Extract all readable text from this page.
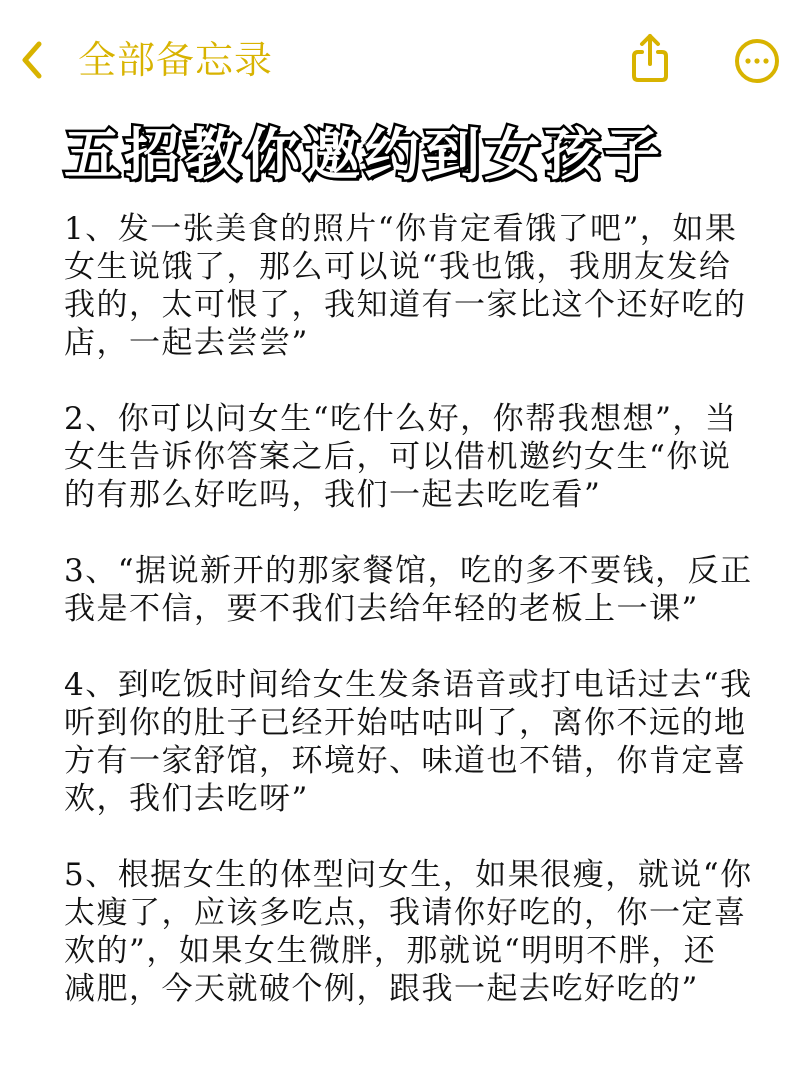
全部备忘录
五招教你邀约到女孩子
1、发一张美食的照片“你肯定看饿了吧”，如果
女生说饿了，那么可以说“我也饿，我朋友发给
我的，太可恨了，我知道有一家比这个还好吃的
店，一起去尝尝”
2、你可以问女生“吃什么好，你帮我想想”，当
女生告诉你答案之后，可以借机邀约女生“你说
的有那么好吃吗，我们一起去吃吃看”
3、“据说新开的那家餐馆，吃的多不要钱，反正
我是不信，要不我们去给年轻的老板上一课”
4、到吃饭时间给女生发条语音或打电话过去“我
听到你的肚子已经开始咕咕叫了，离你不远的地
方有一家舒馆，环境好、味道也不错，你肯定喜
欢，我们去吃呀”
5、根据女生的体型问女生，如果很瘦，就说“你
太瘦了，应该多吃点，我请你好吃的，你一定喜
欢的”，如果女生微胖，那就说“明明不胖，还
减肥，今天就破个例，跟我一起去吃好吃的”
